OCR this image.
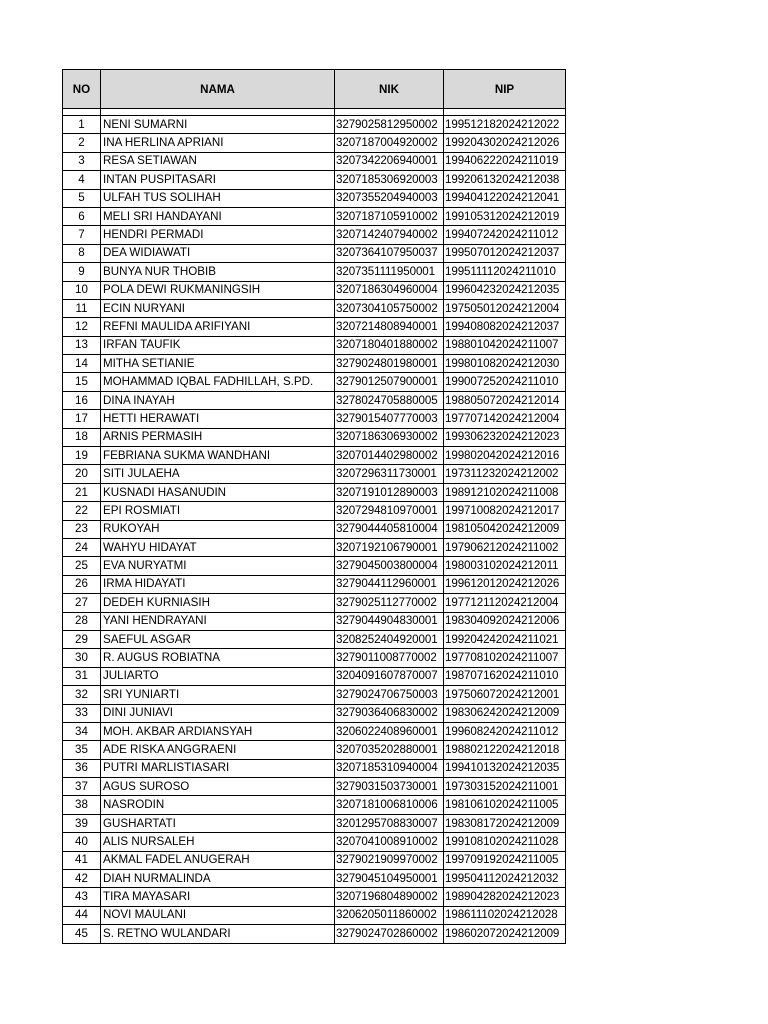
NO	NAMA	NIK	NIP

1	NENI SUMARNI	3279025812950002	199512182024212022
2	INA HERLINA APRIANI	3207187004920002	199204302024212026
3	RESA SETIAWAN	3207342206940001	199406222024211019
4	INTAN PUSPITASARI	3207185306920003	199206132024212038
5	ULFAH TUS SOLIHAH	3207355204940003	199404122024212041
6	MELI SRI HANDAYANI	3207187105910002	199105312024212019
7	HENDRI PERMADI	3207142407940002	199407242024211012
8	DEA WIDIAWATI	3207364107950037	199507012024212037
9	BUNYA NUR THOBIB	3207351111950001	199511112024211010
10	POLA DEWI RUKMANINGSIH	3207186304960004	199604232024212035
11	ECIN NURYANI	3207304105750002	197505012024212004
12	REFNI MAULIDA ARIFIYANI	3207214808940001	199408082024212037
13	IRFAN TAUFIK	3207180401880002	198801042024211007
14	MITHA SETIANIE	3279024801980001	199801082024212030
15	MOHAMMAD IQBAL FADHILLAH, S.PD.	3279012507900001	199007252024211010
16	DINA INAYAH	3278024705880005	198805072024212014
17	HETTI HERAWATI	3279015407770003	197707142024212004
18	ARNIS PERMASIH	3207186306930002	199306232024212023
19	FEBRIANA SUKMA WANDHANI	3207014402980002	199802042024212016
20	SITI JULAEHA	3207296311730001	197311232024212002
21	KUSNADI HASANUDIN	3207191012890003	198912102024211008
22	EPI ROSMIATI	3207294810970001	199710082024212017
23	RUKOYAH	3279044405810004	198105042024212009
24	WAHYU HIDAYAT	3207192106790001	197906212024211002
25	EVA NURYATMI	3279045003800004	198003102024212011
26	IRMA HIDAYATI	3279044112960001	199612012024212026
27	DEDEH KURNIASIH	3279025112770002	197712112024212004
28	YANI HENDRAYANI	3279044904830001	198304092024212006
29	SAEFUL ASGAR	3208252404920001	199204242024211021
30	R. AUGUS ROBIATNA	3279011008770002	197708102024211007
31	JULIARTO	3204091607870007	198707162024211010
32	SRI YUNIARTI	3279024706750003	197506072024212001
33	DINI JUNIAVI	3279036406830002	198306242024212009
34	MOH. AKBAR ARDIANSYAH	3206022408960001	199608242024211012
35	ADE RISKA ANGGRAENI	3207035202880001	198802122024212018
36	PUTRI MARLISTIASARI	3207185310940004	199410132024212035
37	AGUS SUROSO	3279031503730001	197303152024211001
38	NASRODIN	3207181006810006	198106102024211005
39	GUSHARTATI	3201295708830007	198308172024212009
40	ALIS NURSALEH	3207041008910002	199108102024211028
41	AKMAL FADEL ANUGERAH	3279021909970002	199709192024211005
42	DIAH NURMALINDA	3279045104950001	199504112024212032
43	TIRA MAYASARI	3207196804890002	198904282024212023
44	NOVI MAULANI	3206205011860002	198611102024212028
45	S. RETNO WULANDARI	3279024702860002	198602072024212009
